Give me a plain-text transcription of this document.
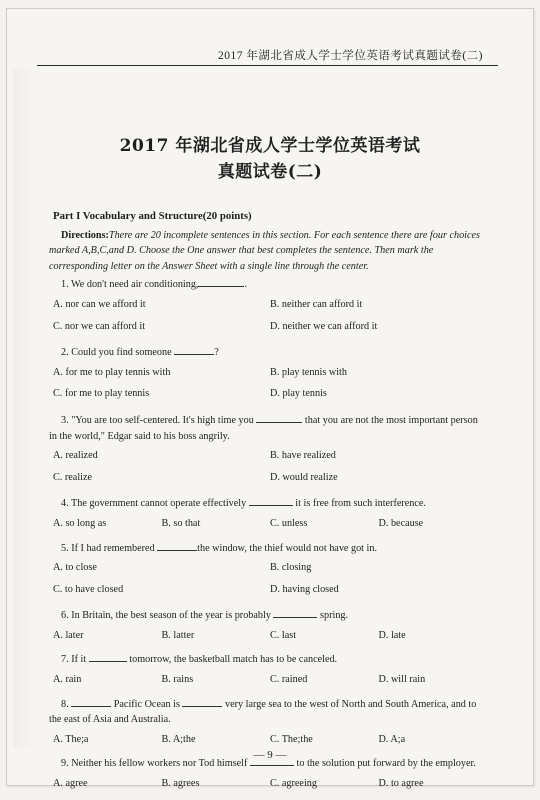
2017 年湖北省成人学士学位英语考试真题试卷(二)
2017 年湖北省成人学士学位英语考试
真题试卷(二)
Part I Vocabulary and Structure(20 points)
Directions:There are 20 incomplete sentences in this section. For each sentence there are four choices marked A,B,C,and D. Choose the One answer that best completes the sentence. Then mark the corresponding letter on the Answer Sheet with a single line through the center.
1. We don't need air conditioning,	.
A. nor can we afford it	B. neither can afford it
C. nor we can afford it	D. neither we can afford it
2. Could you find someone	?
A. for me to play tennis with	B. play tennis with
C. for me to play tennis	D. play tennis
3. "You are too self-centered. It's high time you	that you are not the most important person in the world," Edgar said to his boss angrily.
A. realized	B. have realized
C. realize	D. would realize
4. The government cannot operate effectively	it is free from such interference.
A. so long as	B. so that	C. unless	D. because
5. If I had remembered	the window, the thief would not have got in.
A. to close	B. closing
C. to have closed	D. having closed
6. In Britain, the best season of the year is probably	spring.
A. later	B. latter	C. last	D. late
7. If it	tomorrow, the basketball match has to be canceled.
A. rain	B. rains	C. rained	D. will rain
8.	Pacific Ocean is	very large sea to the west of North and South America, and to the east of Asia and Australia.
A. The;a	B. A;the	C. The;the	D. A;a
9. Neither his fellow workers nor Tod himself	to the solution put forward by the employer.
A. agree	B. agrees	C. agreeing	D. to agree
— 9 —
